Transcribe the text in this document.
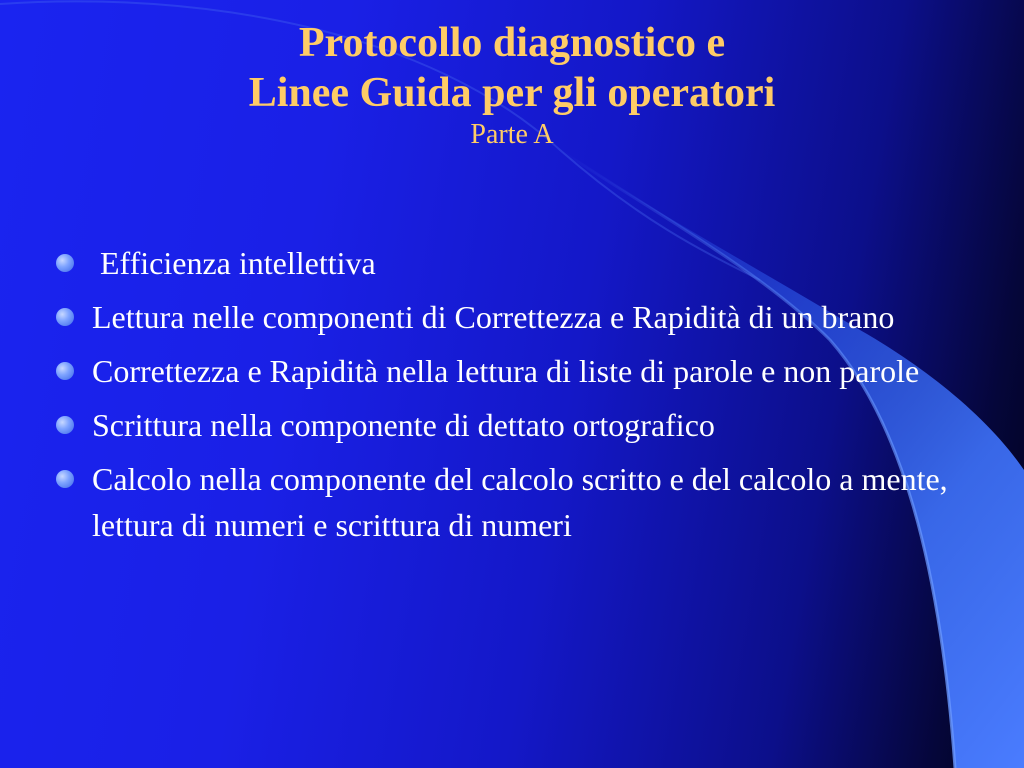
Protocollo diagnostico e
Linee Guida per gli operatori
Parte A
Efficienza intellettiva
Lettura nelle componenti di Correttezza e Rapidità di un brano
Correttezza e Rapidità nella lettura di liste di parole e non parole
Scrittura nella componente di dettato ortografico
Calcolo nella componente del calcolo scritto e del calcolo a mente, lettura di numeri e scrittura di numeri
